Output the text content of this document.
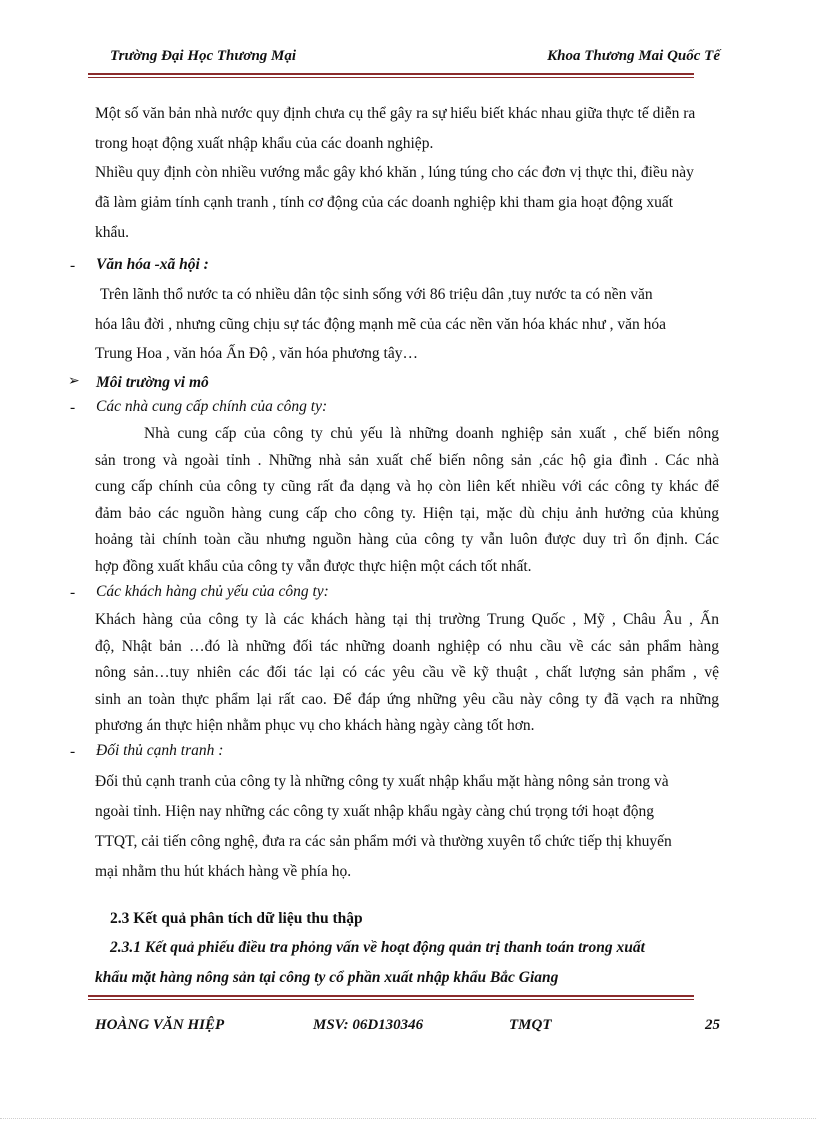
Trường Đại Học Thương Mại	Khoa Thương Mai Quốc Tế
Một số văn bản nhà nước quy định chưa cụ thể gây ra sự hiểu biết khác nhau giữa thực tế diễn ra
trong hoạt động xuất nhập khẩu của các doanh nghiệp.
Nhiều quy định còn nhiều vướng mắc gây khó khăn , lúng túng cho các đơn vị thực thi, điều này
đã làm giảm tính cạnh tranh , tính cơ động của các doanh nghiệp khi tham gia hoạt động xuất
khẩu.
- Văn hóa -xã hội :
Trên lãnh thổ nước ta có nhiều dân tộc sinh sống với 86 triệu dân ,tuy nước ta có nền văn
hóa lâu đời , nhưng cũng chịu sự tác động mạnh mẽ của các nền văn hóa khác như , văn hóa
Trung Hoa , văn hóa Ấn Độ , văn hóa phương tây…
➢ Môi trường vi mô
- Các nhà cung cấp chính của công ty:
Nhà cung cấp của công ty chủ yếu là những doanh nghiệp sản xuất , chế biến nông
sản trong và ngoài tỉnh . Những nhà sản xuất chế biến nông sản ,các hộ gia đình . Các nhà
cung cấp chính của công ty cũng rất đa dạng và họ còn liên kết nhiều với các công ty khác để
đảm bảo các nguồn hàng cung cấp cho công ty. Hiện tại, mặc dù chịu ảnh hưởng của khủng
hoảng tài chính toàn cầu nhưng nguồn hàng của công ty vẫn luôn được duy trì ổn định. Các
hợp đồng xuất khẩu của công ty vẫn được thực hiện một cách tốt nhất.
- Các khách hàng chủ yếu của công ty:
Khách hàng của công ty là các khách hàng tại thị trường Trung Quốc , Mỹ , Châu Âu , Ấn
độ, Nhật bản …đó là những đối tác những doanh nghiệp có nhu cầu về các sản phẩm hàng
nông sản…tuy nhiên các đối tác lại có các yêu cầu về kỹ thuật , chất lượng sản phẩm , vệ
sinh an toàn thực phẩm lại rất cao. Để đáp ứng những yêu cầu này công ty đã vạch ra những
phương án thực hiện nhằm phục vụ cho khách hàng ngày càng tốt hơn.
- Đối thủ cạnh tranh :
Đối thủ cạnh tranh của công ty là những công ty xuất nhập khẩu mặt hàng nông sản trong và
ngoài tỉnh. Hiện nay những các công ty xuất nhập khẩu ngày càng chú trọng tới hoạt động
TTQT, cải tiến công nghệ, đưa ra các sản phẩm mới và thường xuyên tổ chức tiếp thị khuyến
mại nhằm thu hút khách hàng về phía họ.
2.3 Kết quả phân tích dữ liệu thu thập
2.3.1 Kết quả phiếu điều tra phỏng vấn về hoạt động quản trị thanh toán trong xuất
khẩu mặt hàng nông sản tại công ty cổ phần xuất nhập khẩu Bắc Giang
HOÀNG VĂN HIỆP	MSV: 06D130346	TMQT	25
